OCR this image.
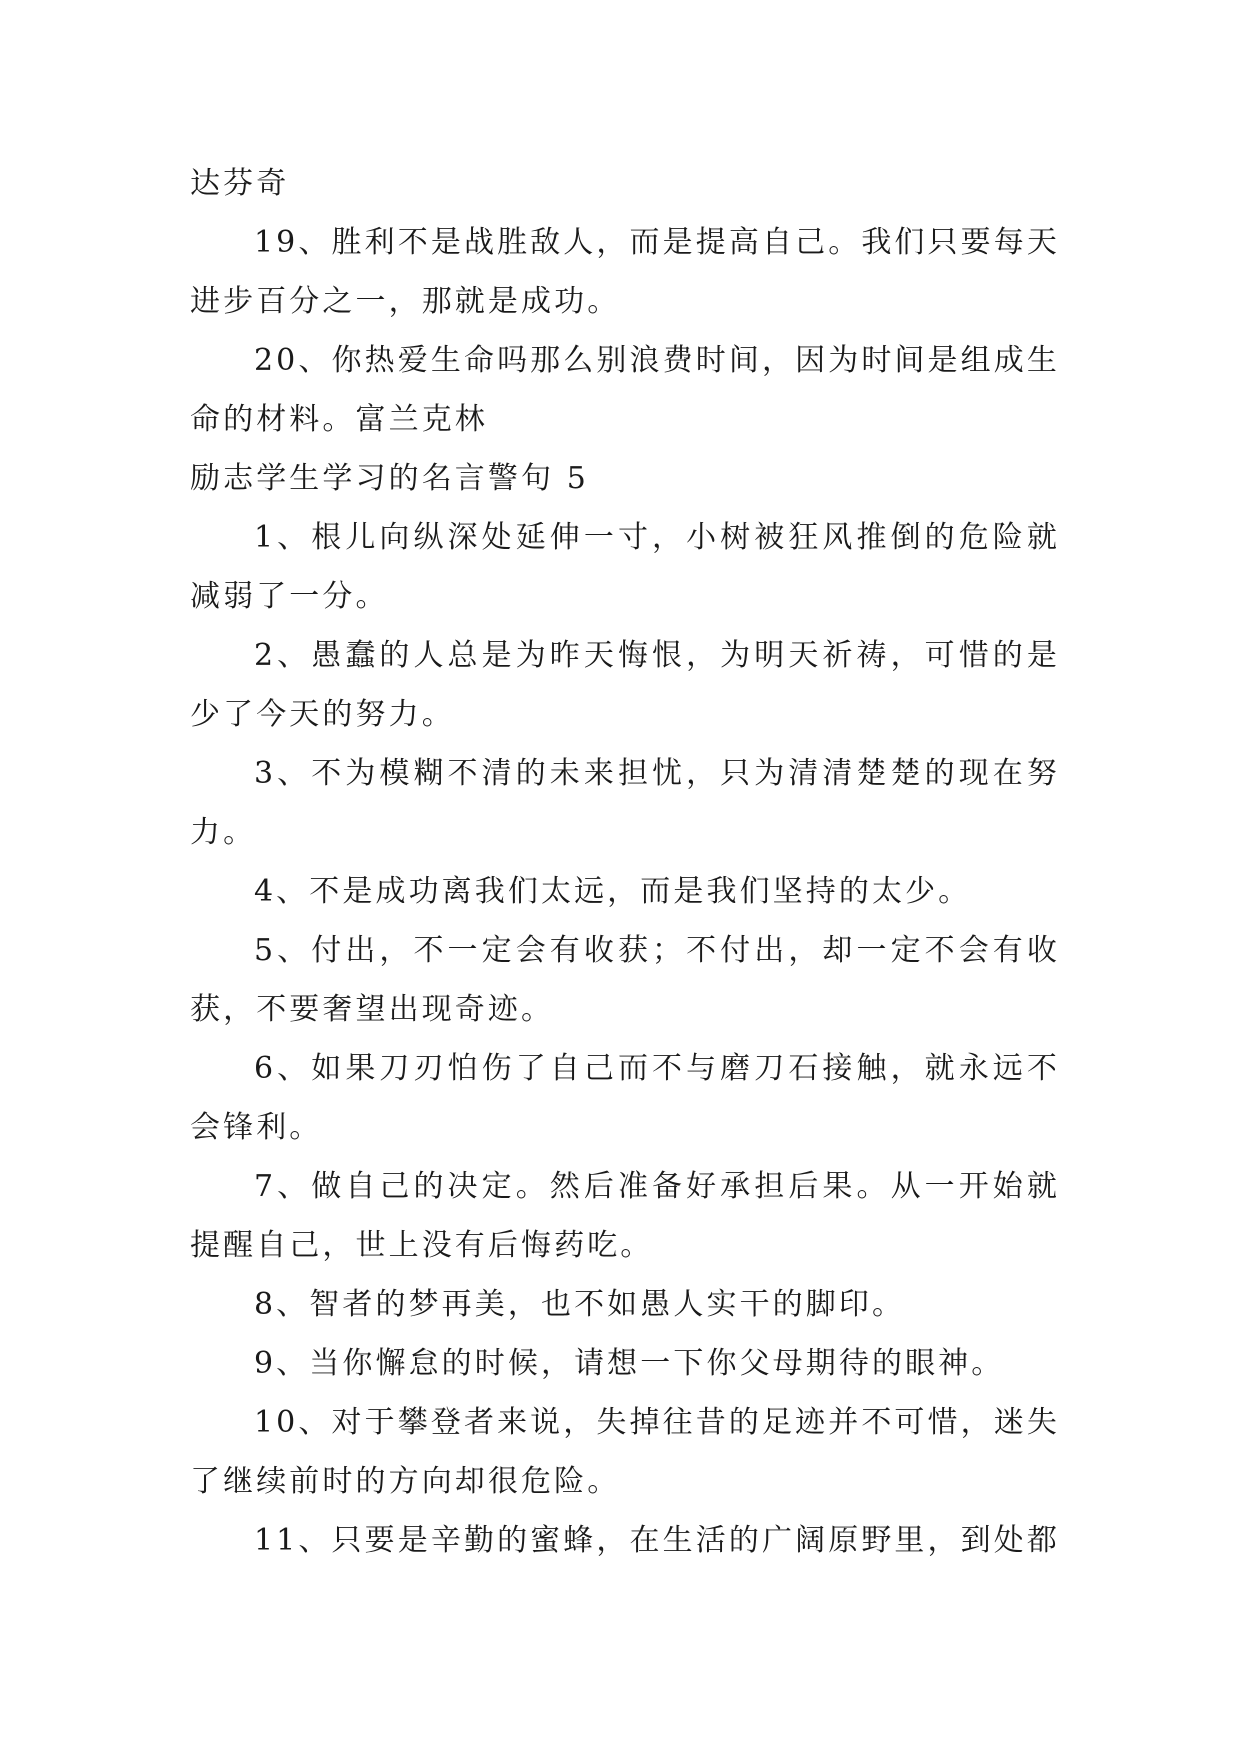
达芬奇
19、胜利不是战胜敌人，而是提高自己。我们只要每天
进步百分之一，那就是成功。
20、你热爱生命吗那么别浪费时间，因为时间是组成生
命的材料。富兰克林
励志学生学习的名言警句 5
1、根儿向纵深处延伸一寸，小树被狂风推倒的危险就
减弱了一分。
2、愚蠢的人总是为昨天悔恨，为明天祈祷，可惜的是
少了今天的努力。
3、不为模糊不清的未来担忧，只为清清楚楚的现在努
力。
4、不是成功离我们太远，而是我们坚持的太少。
5、付出，不一定会有收获；不付出，却一定不会有收
获，不要奢望出现奇迹。
6、如果刀刃怕伤了自己而不与磨刀石接触，就永远不
会锋利。
7、做自己的决定。然后准备好承担后果。从一开始就
提醒自己，世上没有后悔药吃。
8、智者的梦再美，也不如愚人实干的脚印。
9、当你懈怠的时候，请想一下你父母期待的眼神。
10、对于攀登者来说，失掉往昔的足迹并不可惜，迷失
了继续前时的方向却很危险。
11、只要是辛勤的蜜蜂，在生活的广阔原野里，到处都
